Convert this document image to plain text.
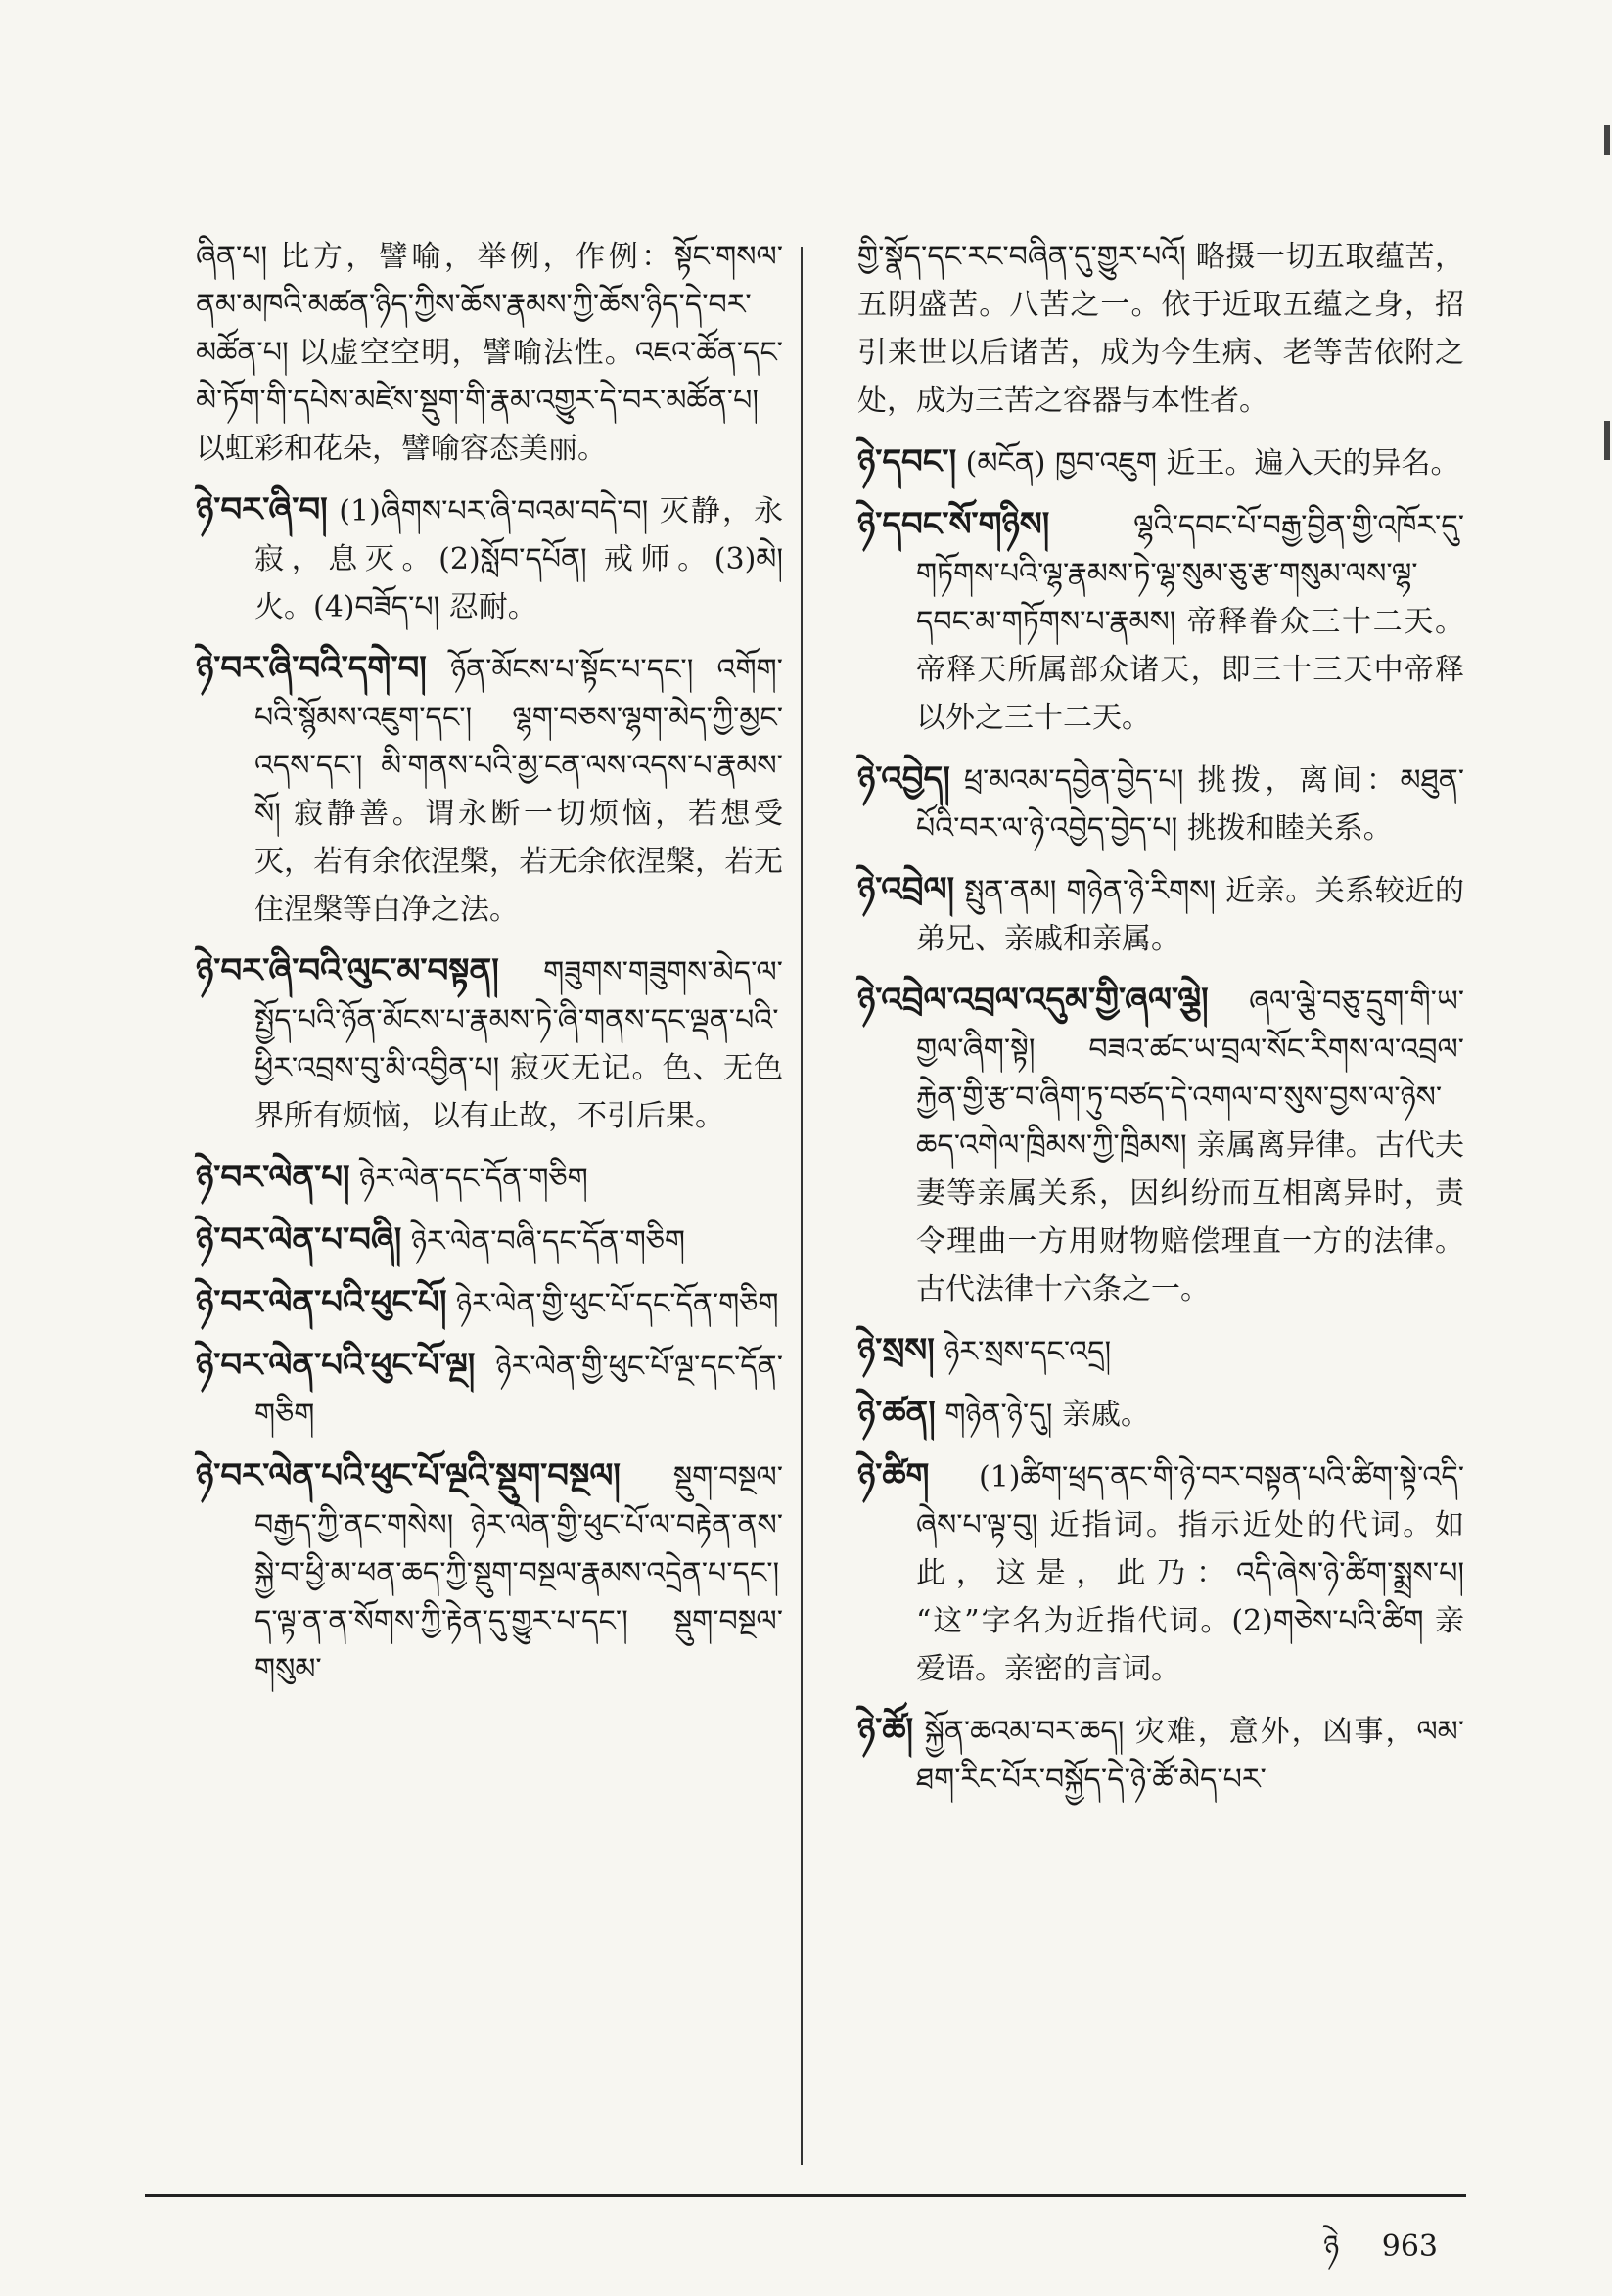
ཞིན་པ། 比方，譬喻，举例，作例：སྟོང་གསལ་ནམ་མཁའི་མཚན་ཉིད་ཀྱིས་ཆོས་རྣམས་ཀྱི་ཆོས་ཉིད་དེ་བར་མཚོན་པ། 以虚空空明，譬喻法性。འཇའ་ཚོན་དང་མེ་ཏོག་གི་དཔེས་མཛེས་སྡུག་གི་རྣམ་འགྱུར་དེ་བར་མཚོན་པ། 以虹彩和花朵，譬喻容态美丽。

ཉེ་བར་ཞི་བ། (1)ཞིགས་པར་ཞི་བའམ་བདེ་བ། 灭静，永寂，息灭。(2)སློབ་དཔོན། 戒师。(3)མེ། 火。(4)བཟོད་པ། 忍耐。

ཉེ་བར་ཞི་བའི་དགེ་བ། ཉོན་མོངས་པ་སྟོང་པ་དང་། འགོག་པའི་སྙོམས་འཇུག་དང་། ལྷག་བཅས་ལྷག་མེད་ཀྱི་མྱང་འདས་དང་། མི་གནས་པའི་མྱ་ངན་ལས་འདས་པ་རྣམས་སོ། 寂静善。谓永断一切烦恼，若想受灭，若有余依涅槃，若无余依涅槃，若无住涅槃等白净之法。

ཉེ་བར་ཞི་བའི་ལུང་མ་བསྟན། གཟུགས་གཟུགས་མེད་ལ་སྤྱོད་པའི་ཉོན་མོངས་པ་རྣམས་ཏེ་ཞི་གནས་དང་ལྡན་པའི་ཕྱིར་འབྲས་བུ་མི་འབྱིན་པ། 寂灭无记。色、无色界所有烦恼，以有止故，不引后果。

ཉེ་བར་ལེན་པ། ཉེར་ལེན་དང་དོན་གཅིག

ཉེ་བར་ལེན་པ་བཞི། ཉེར་ལེན་བཞི་དང་དོན་གཅིག

ཉེ་བར་ལེན་པའི་ཕུང་པོ། ཉེར་ལེན་གྱི་ཕུང་པོ་དང་དོན་གཅིག

ཉེ་བར་ལེན་པའི་ཕུང་པོ་ལྔ། ཉེར་ལེན་གྱི་ཕུང་པོ་ལྔ་དང་དོན་གཅིག

ཉེ་བར་ལེན་པའི་ཕུང་པོ་ལྔའི་སྡུག་བསྔལ། སྡུག་བསྔལ་བརྒྱད་ཀྱི་ནང་གསེས། ཉེར་ལེན་གྱི་ཕུང་པོ་ལ་བརྟེན་ནས་སྐྱེ་བ་ཕྱི་མ་ཕན་ཆད་ཀྱི་སྡུག་བསྔལ་རྣམས་འདྲེན་པ་དང་། ད་ལྟ་ན་ན་སོགས་ཀྱི་རྟེན་དུ་གྱུར་པ་དང་། སྡུག་བསྔལ་གསུམ་

གྱི་སྣོད་དང་རང་བཞིན་དུ་གྱུར་པའོ། 略摄一切五取蕴苦，五阴盛苦。八苦之一。依于近取五蕴之身，招引来世以后诸苦，成为今生病、老等苦依附之处，成为三苦之容器与本性者。

ཉེ་དབང་། (མངོན) ཁྱབ་འཇུག 近王。遍入天的异名。

ཉེ་དབང་སོ་གཉིས།	ལྷའི་དབང་པོ་བརྒྱ་བྱིན་གྱི་འཁོར་དུ་གཏོགས་པའི་ལྷ་རྣམས་ཏེ་ལྷ་སུམ་ཅུ་རྩ་གསུམ་ལས་ལྷ་དབང་མ་གཏོགས་པ་རྣམས། 帝释眷众三十二天。帝释天所属部众诸天，即三十三天中帝释以外之三十二天。

ཉེ་འབྱེད། ཕྲ་མའམ་དབྱེན་བྱེད་པ། 挑拨，离间：མཐུན་པོའི་བར་ལ་ཉེ་འབྱེད་བྱེད་པ། 挑拨和睦关系。

ཉེ་འབྲེལ། སྤུན་ནམ། གཉེན་ཉེ་རིགས། 近亲。关系较近的弟兄、亲戚和亲属。

ཉེ་འབྲེལ་འབྲལ་འདུམ་གྱི་ཞལ་ལྕེ། ཞལ་ལྕེ་བཅུ་དྲུག་གི་ཡ་གྱལ་ཞིག་སྟེ། བཟའ་ཚང་ཡ་བྲལ་སོང་རིགས་ལ་འབྲལ་རྐྱེན་གྱི་རྩ་བ་ཞིག་ཏུ་བཙད་དེ་འགལ་བ་སུས་བྱས་ལ་ཉེས་ཆད་འགེལ་ཁྲིམས་ཀྱི་ཁྲིམས། 亲属离异律。古代夫妻等亲属关系，因纠纷而互相离异时，责令理曲一方用财物赔偿理直一方的法律。古代法律十六条之一。

ཉེ་སྲས། ཉེར་སྲས་དང་འདྲ།

ཉེ་ཚན། གཉེན་ཉེ་དུ། 亲戚。

ཉེ་ཚིག (1)ཚིག་ཕྲད་ནང་གི་ཉེ་བར་བསྟན་པའི་ཚིག་སྟེ་འདི་ཞེས་པ་ལྟ་བུ། 近指词。指示近处的代词。如此，这是，此乃：འདི་ཞེས་ཉེ་ཚིག་སྨྲས་པ། “这”字名为近指代词。(2)གཅེས་པའི་ཚིག 亲爱语。亲密的言词。

ཉེ་ཚོ། སྐྱོན་ཆའམ་བར་ཆད། 灾难，意外，凶事，ལམ་ཐག་རིང་པོར་བསྐྱོད་དེ་ཉེ་ཚོ་མེད་པར་

ཉེ 963
